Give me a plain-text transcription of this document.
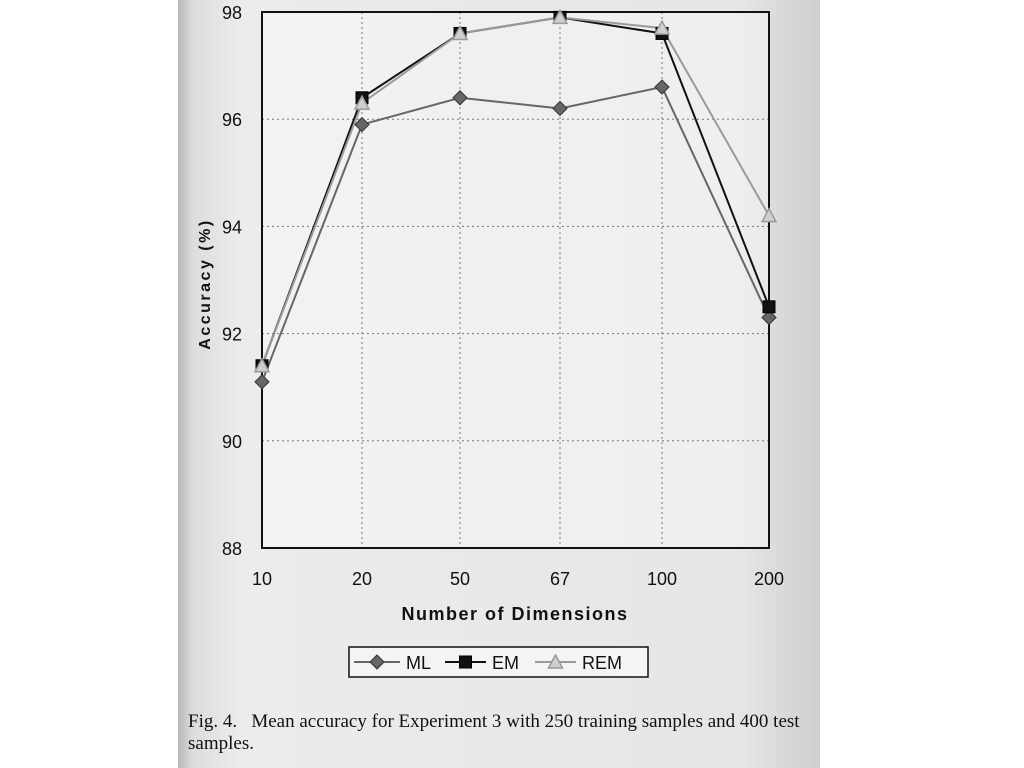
88
90
92
94
96
98
10	20	50	67	100	200
Number of Dimensions
Accuracy (%)
ML	EM	REM
Fig. 4. Mean accuracy for Experiment 3 with 250 training samples and 400 test samples.
